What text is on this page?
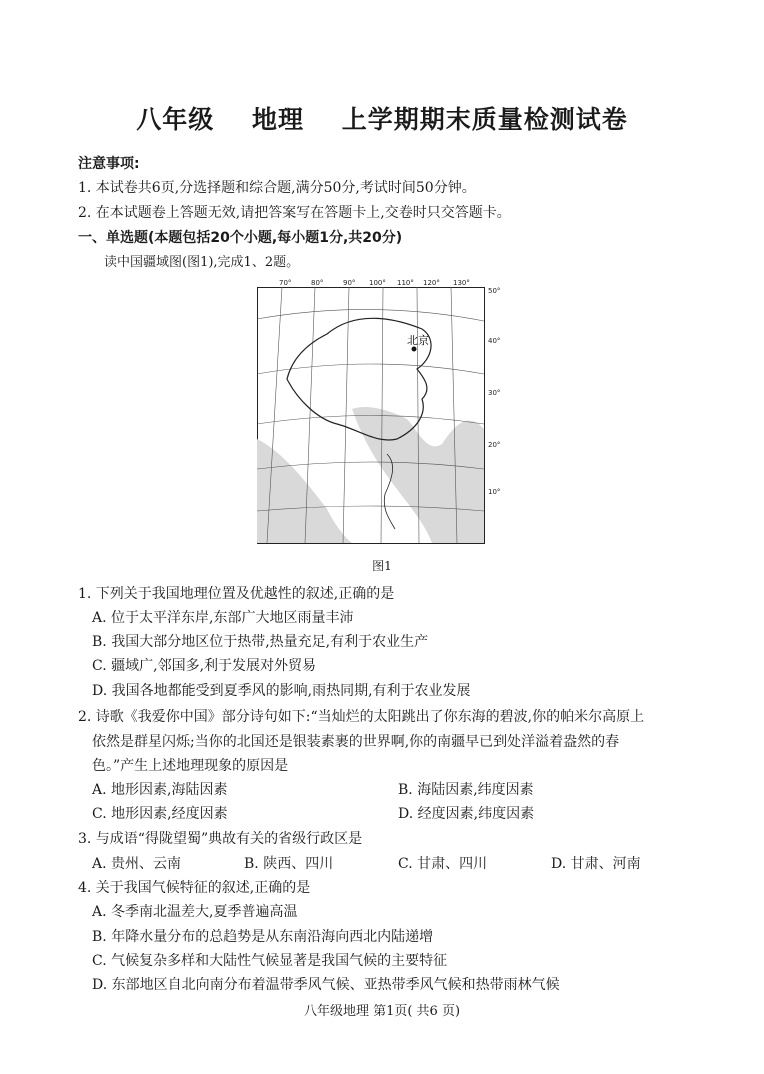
八年级 地理 上学期期末质量检测试卷
注意事项:
1. 本试卷共6页,分选择题和综合题,满分50分,考试时间50分钟。
2. 在本试题卷上答题无效,请把答案写在答题卡上,交卷时只交答题卡。
一、单选题(本题包括20个小题,每小题1分,共20分)
读中国疆域图(图1),完成1、2题。
北京
70°	80°	90° 100° 110° 120° 130°
50°
40°
30°
20°
10°
图1
1. 下列关于我国地理位置及优越性的叙述,正确的是
A. 位于太平洋东岸,东部广大地区雨量丰沛
B. 我国大部分地区位于热带,热量充足,有利于农业生产
C. 疆域广,邻国多,利于发展对外贸易
D. 我国各地都能受到夏季风的影响,雨热同期,有利于农业发展
2. 诗歌《我爱你中国》部分诗句如下:“当灿烂的太阳跳出了你东海的碧波,你的帕米尔高原上
依然是群星闪烁;当你的北国还是银装素裹的世界啊,你的南疆早已到处洋溢着盎然的春
色。”产生上述地理现象的原因是
A. 地形因素,海陆因素	B. 海陆因素,纬度因素
C. 地形因素,经度因素	D. 经度因素,纬度因素
3. 与成语“得陇望蜀”典故有关的省级行政区是
A. 贵州、云南	B. 陕西、四川	C. 甘肃、四川	D. 甘肃、河南
4. 关于我国气候特征的叙述,正确的是
A. 冬季南北温差大,夏季普遍高温
B. 年降水量分布的总趋势是从东南沿海向西北内陆递增
C. 气候复杂多样和大陆性气候显著是我国气候的主要特征
D. 东部地区自北向南分布着温带季风气候、亚热带季风气候和热带雨林气候
八年级地理 第1页( 共6 页)
